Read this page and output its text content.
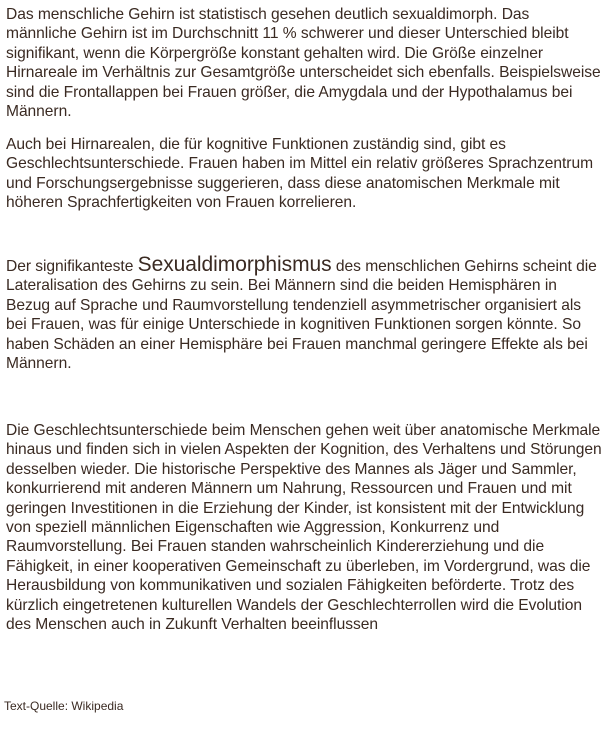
Das menschliche Gehirn ist statistisch gesehen deutlich sexualdimorph. Das männliche Gehirn ist im Durchschnitt 11 % schwerer und dieser Unterschied bleibt signifikant, wenn die Körpergröße konstant gehalten wird. Die Größe einzelner Hirnareale im Verhältnis zur Gesamtgröße unterscheidet sich ebenfalls. Beispielsweise sind die Frontallappen bei Frauen größer, die Amygdala und der Hypothalamus bei Männern.

Auch bei Hirnarealen, die für kognitive Funktionen zuständig sind, gibt es Geschlechtsunterschiede. Frauen haben im Mittel ein relativ größeres Sprachzentrum und Forschungsergebnisse suggerieren, dass diese anatomischen Merkmale mit höheren Sprachfertigkeiten von Frauen korrelieren.

Der signifikanteste Sexualdimorphismus des menschlichen Gehirns scheint die Lateralisation des Gehirns zu sein. Bei Männern sind die beiden Hemisphären in Bezug auf Sprache und Raumvorstellung tendenziell asymmetrischer organisiert als bei Frauen, was für einige Unterschiede in kognitiven Funktionen sorgen könnte. So haben Schäden an einer Hemisphäre bei Frauen manchmal geringere Effekte als bei Männern.

Die Geschlechtsunterschiede beim Menschen gehen weit über anatomische Merkmale hinaus und finden sich in vielen Aspekten der Kognition, des Verhaltens und Störungen desselben wieder. Die historische Perspektive des Mannes als Jäger und Sammler, konkurrierend mit anderen Männern um Nahrung, Ressourcen und Frauen und mit geringen Investitionen in die Erziehung der Kinder, ist konsistent mit der Entwicklung von speziell männlichen Eigenschaften wie Aggression, Konkurrenz und Raumvorstellung. Bei Frauen standen wahrscheinlich Kindererziehung und die Fähigkeit, in einer kooperativen Gemeinschaft zu überleben, im Vordergrund, was die Herausbildung von kommunikativen und sozialen Fähigkeiten beförderte. Trotz des kürzlich eingetretenen kulturellen Wandels der Geschlechterrollen wird die Evolution des Menschen auch in Zukunft Verhalten beeinflussen

Text-Quelle: Wikipedia
